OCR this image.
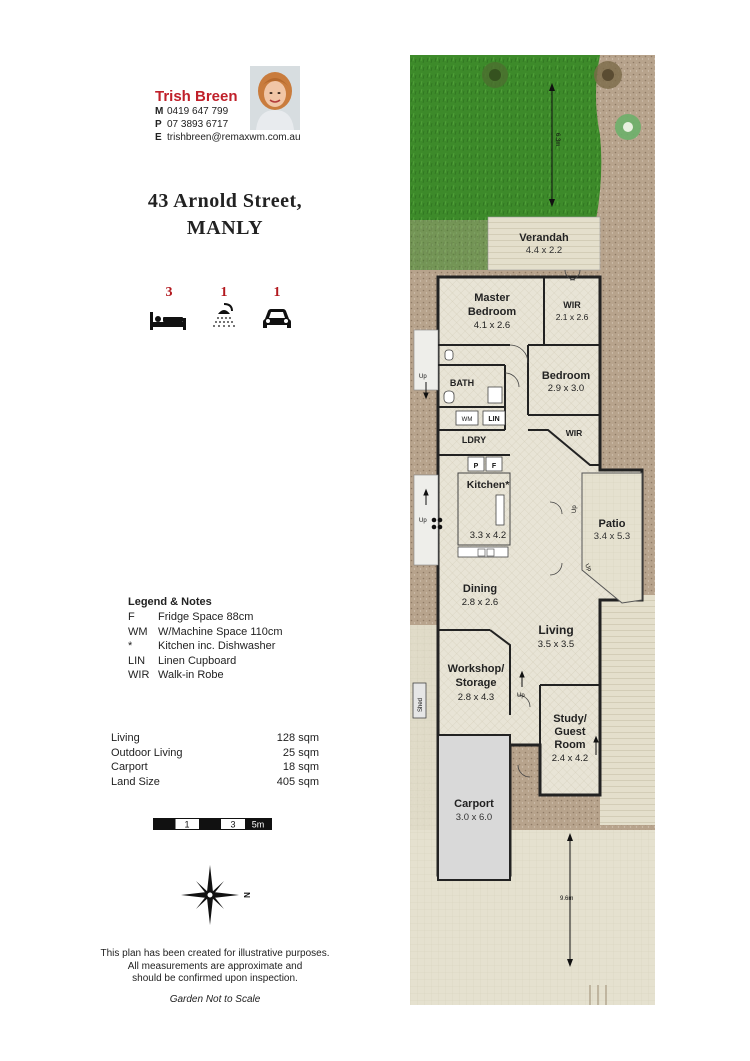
Trish Breen
M 0419 647 799
P 07 3893 6717
E trishbreen@remaxwm.com.au
43 Arnold Street,
MANLY
3	1	1
Legend & Notes
F Fridge Space 88cm
WM W/Machine Space 110cm
* Kitchen inc. Dishwasher
LIN Linen Cupboard
WIR Walk-in Robe
Living	128 sqm
Outdoor Living	25 sqm
Carport	18 sqm
Land Size	405 sqm
1	3 5m
N
This plan has been created for illustrative purposes.
All measurements are approximate and
should be confirmed upon inspection.
Garden Not to Scale
6.3m
Verandah
4.4 x 2.2
Carport
3.0 x 6.0
Patio
3.4 x 5.3
Up
Up
Shed
P F
WM LIN
Master
Bedroom
4.1 x 2.6
WIR
2.1 x 2.6
BATH
Bedroom
2.9 x 3.0
WIR
LDRY
Kitchen*
3.3 x 4.2
Dining
2.8 x 2.6
Living
3.5 x 3.5
Workshop/
Storage
2.8 x 4.3
Study/
Guest
Room
2.4 x 4.2
Up
Up
Up
9.6m
